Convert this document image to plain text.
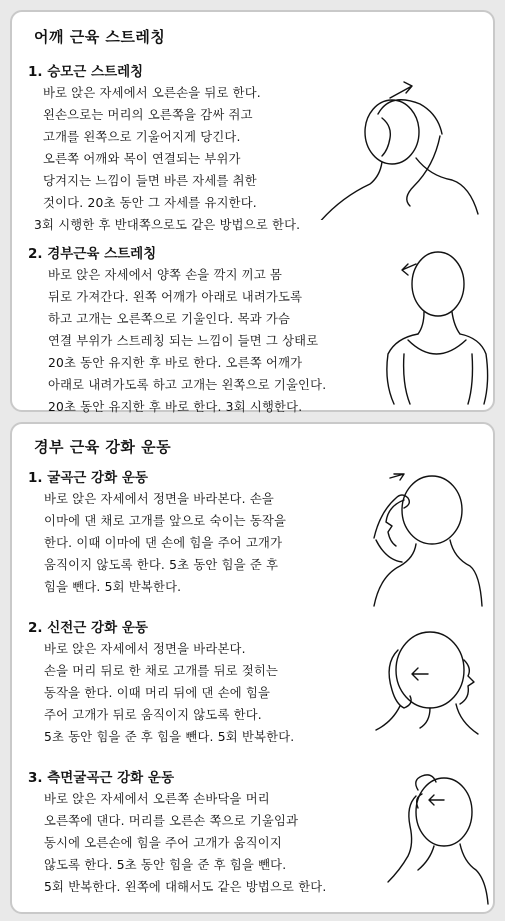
어깨 근육 스트레칭
1. 승모근 스트레칭
바로 앉은 자세에서 오른손을 뒤로 한다.
왼손으로는 머리의 오른쪽을 감싸 쥐고
고개를 왼쪽으로 기울어지게 당긴다.
오른쪽 어깨와 목이 연결되는 부위가
당겨지는 느낌이 들면 바른 자세를 취한
것이다. 20초 동안 그 자세를 유지한다.
3회 시행한 후 반대쪽으로도 같은 방법으로 한다.
2. 경부근육 스트레칭
바로 앉은 자세에서 양쪽 손을 깍지 끼고 몸
뒤로 가져간다. 왼쪽 어깨가 아래로 내려가도록
하고 고개는 오른쪽으로 기울인다. 목과 가슴
연결 부위가 스트레칭 되는 느낌이 들면 그 상태로
20초 동안 유지한 후 바로 한다. 오른쪽 어깨가
아래로 내려가도록 하고 고개는 왼쪽으로 기울인다.
20초 동안 유지한 후 바로 한다. 3회 시행한다.
경부 근육 강화 운동
1. 굴곡근 강화 운동
바로 앉은 자세에서 정면을 바라본다. 손을
이마에 댄 채로 고개를 앞으로 숙이는 동작을
한다. 이때 이마에 댄 손에 힘을 주어 고개가
움직이지 않도록 한다. 5초 동안 힘을 준 후
힘을 뺀다. 5회 반복한다.
2. 신전근 강화 운동
바로 앉은 자세에서 정면을 바라본다.
손을 머리 뒤로 한 채로 고개를 뒤로 젖히는
동작을 한다. 이때 머리 뒤에 댄 손에 힘을
주어 고개가 뒤로 움직이지 않도록 한다.
5초 동안 힘을 준 후 힘을 뺀다. 5회 반복한다.
3. 측면굴곡근 강화 운동
바로 앉은 자세에서 오른쪽 손바닥을 머리
오른쪽에 댄다. 머리를 오른손 쪽으로 기울임과
동시에 오른손에 힘을 주어 고개가 움직이지
않도록 한다. 5초 동안 힘을 준 후 힘을 뺀다.
5회 반복한다. 왼쪽에 대해서도 같은 방법으로 한다.
